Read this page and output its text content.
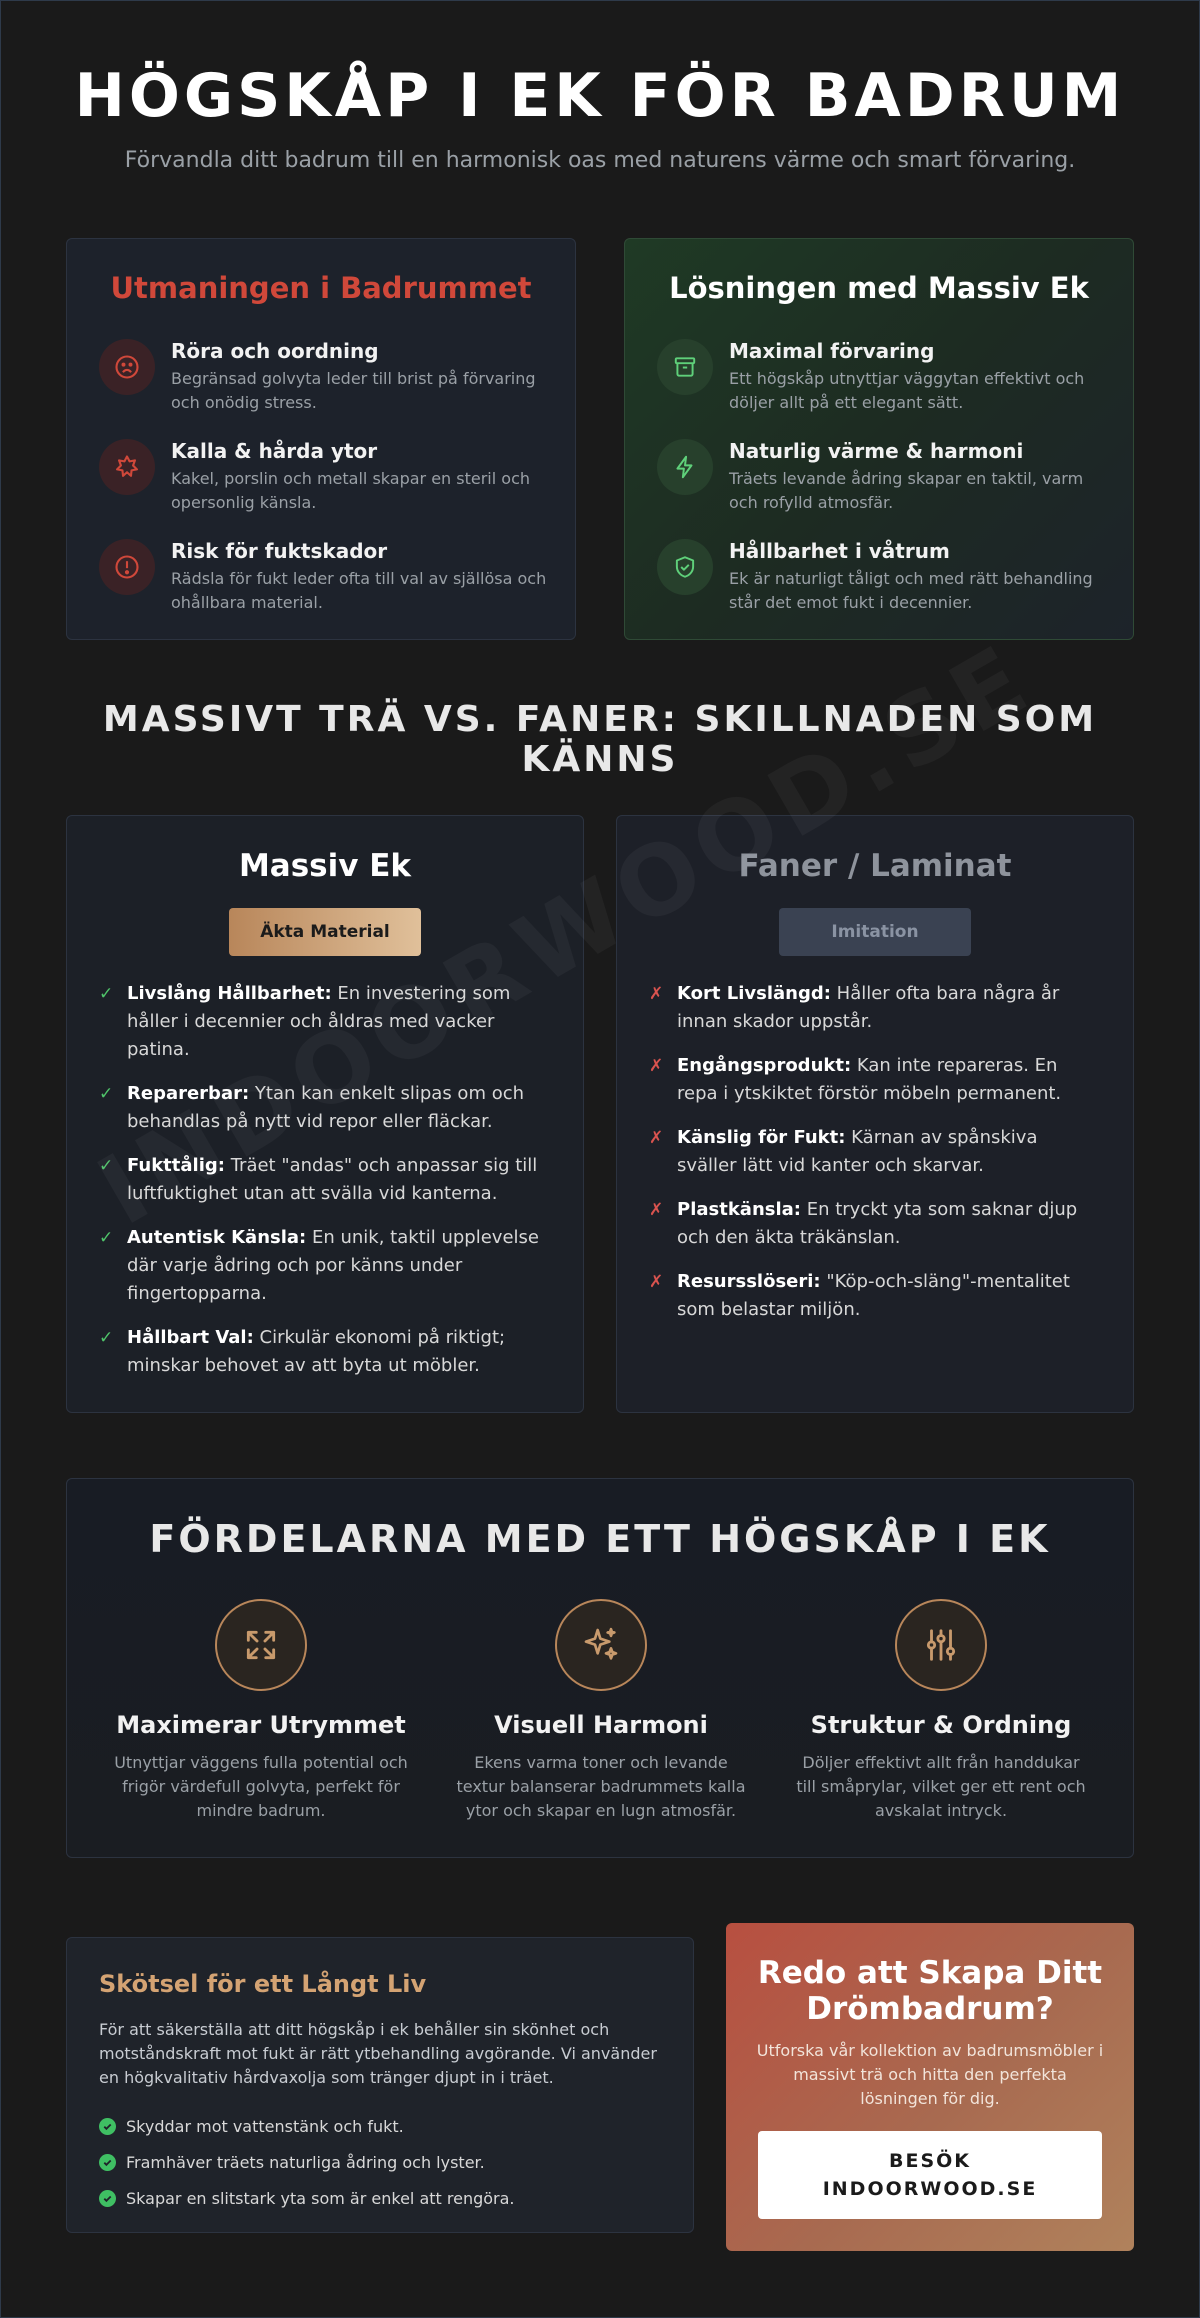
HÖGSKÅP I EK FÖR BADRUM

Förvandla ditt badrum till en harmonisk oas med naturens värme och smart förvaring.

Utmaningen i Badrummet
Röra och oordning
Begränsad golvyta leder till brist på förvaring och onödig stress.
Kalla & hårda ytor
Kakel, porslin och metall skapar en steril och opersonlig känsla.
Risk för fuktskador
Rädsla för fukt leder ofta till val av själlösa och ohållbara material.
Lösningen med Massiv Ek
Maximal förvaring
Ett högskåp utnyttjar väggytan effektivt och döljer allt på ett elegant sätt.
Naturlig värme & harmoni
Träets levande ådring skapar en taktil, varm och rofylld atmosfär.
Hållbarhet i våtrum
Ek är naturligt tåligt och med rätt behandling står det emot fukt i decennier.
MASSIVT TRÄ VS. FANER: SKILLNADEN SOM KÄNNS
Massiv Ek
Äkta Material
✓ Livslång Hållbarhet: En investering som håller i decennier och åldras med vacker patina.
✓ Reparerbar: Ytan kan enkelt slipas om och behandlas på nytt vid repor eller fläckar.
✓ Fukttålig: Träet "andas" och anpassar sig till luftfuktighet utan att svälla vid kanterna.
✓ Autentisk Känsla: En unik, taktil upplevelse där varje ådring och por känns under fingertopparna.
✓ Hållbart Val: Cirkulär ekonomi på riktigt; minskar behovet av att byta ut möbler.
Faner / Laminat
Imitation
✗ Kort Livslängd: Håller ofta bara några år innan skador uppstår.
✗ Engångsprodukt: Kan inte repareras. En repa i ytskiktet förstör möbeln permanent.
✗ Känslig för Fukt: Kärnan av spånskiva sväller lätt vid kanter och skarvar.
✗ Plastkänsla: En tryckt yta som saknar djup och den äkta träkänslan.
✗ Resursslöseri: "Köp-och-släng"-mentalitet som belastar miljön.
FÖRDELARNA MED ETT HÖGSKÅP I EK
Maximerar Utrymmet
Utnyttjar väggens fulla potential och frigör värdefull golvyta, perfekt för mindre badrum.
Visuell Harmoni
Ekens varma toner och levande textur balanserar badrummets kalla ytor och skapar en lugn atmosfär.
Struktur & Ordning
Döljer effektivt allt från handdukar till småprylar, vilket ger ett rent och avskalat intryck.
Skötsel för ett Långt Liv

För att säkerställa att ditt högskåp i ek behåller sin skönhet och motståndskraft mot fukt är rätt ytbehandling avgörande. Vi använder en högkvalitativ hårdvaxolja som tränger djupt in i träet.

Skyddar mot vattenstänk och fukt.
Framhäver träets naturliga ådring och lyster.
Skapar en slitstark yta som är enkel att rengöra.
Redo att Skapa Ditt Drömbadrum?

Utforska vår kollektion av badrumsmöbler i massivt trä och hitta den perfekta lösningen för dig.

BESÖK INDOORWOOD.SE
